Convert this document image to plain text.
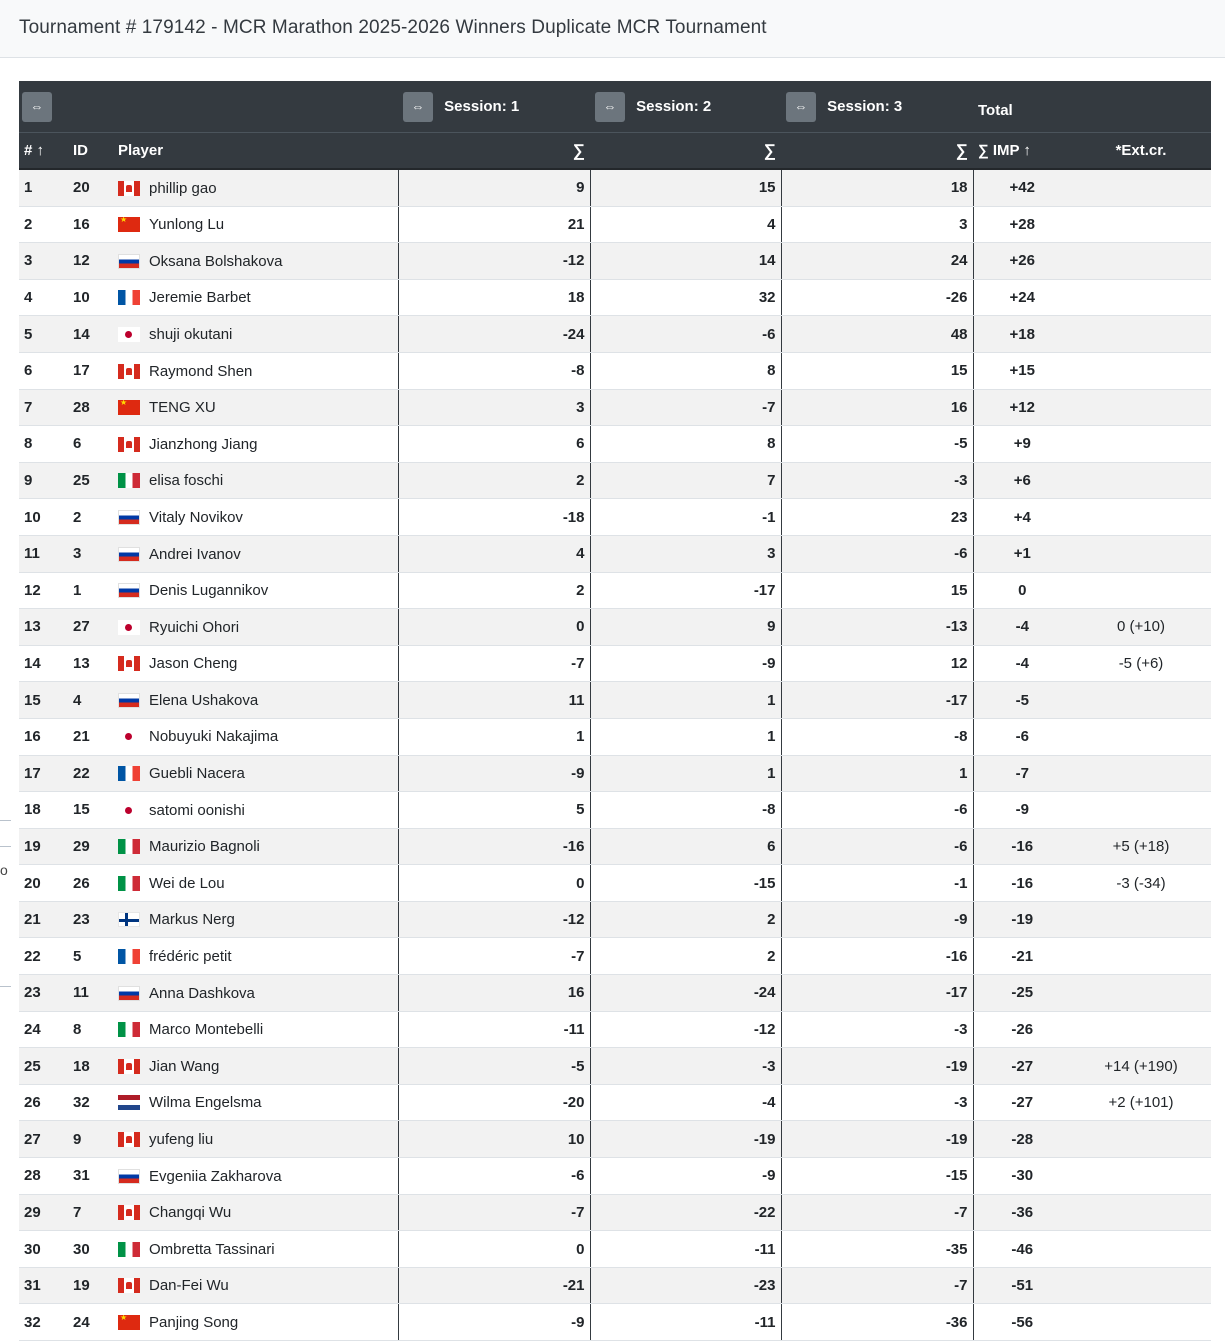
Tournament # 179142 - MCR Marathon 2025-2026 Winners Duplicate MCR Tournament
o
⇔			⇔ Session: 1	⇔ Session: 2	⇔ Session: 3	Total	
# ↑	ID	Player	∑	∑	∑	∑ IMP ↑	*Ext.cr.
1	20	phillip gao	9	15	18	+42	
2	16	★Yunlong Lu	21	4	3	+28	
3	12	Oksana Bolshakova	-12	14	24	+26	
4	10	Jeremie Barbet	18	32	-26	+24	
5	14	shuji okutani	-24	-6	48	+18	
6	17	Raymond Shen	-8	8	15	+15	
7	28	★TENG XU	3	-7	16	+12	
8	6	Jianzhong Jiang	6	8	-5	+9	
9	25	elisa foschi	2	7	-3	+6	
10	2	Vitaly Novikov	-18	-1	23	+4	
11	3	Andrei Ivanov	4	3	-6	+1	
12	1	Denis Lugannikov	2	-17	15	0	
13	27	Ryuichi Ohori	0	9	-13	-4	0 (+10)
14	13	Jason Cheng	-7	-9	12	-4	-5 (+6)
15	4	Elena Ushakova	11	1	-17	-5	
16	21	Nobuyuki Nakajima	1	1	-8	-6	
17	22	Guebli Nacera	-9	1	1	-7	
18	15	satomi oonishi	5	-8	-6	-9	
19	29	Maurizio Bagnoli	-16	6	-6	-16	+5 (+18)
20	26	Wei de Lou	0	-15	-1	-16	-3 (-34)
21	23	Markus Nerg	-12	2	-9	-19	
22	5	frédéric petit	-7	2	-16	-21	
23	11	Anna Dashkova	16	-24	-17	-25	
24	8	Marco Montebelli	-11	-12	-3	-26	
25	18	Jian Wang	-5	-3	-19	-27	+14 (+190)
26	32	Wilma Engelsma	-20	-4	-3	-27	+2 (+101)
27	9	yufeng liu	10	-19	-19	-28	
28	31	Evgeniia Zakharova	-6	-9	-15	-30	
29	7	Changqi Wu	-7	-22	-7	-36	
30	30	Ombretta Tassinari	0	-11	-35	-46	
31	19	Dan-Fei Wu	-21	-23	-7	-51	
32	24	★Panjing Song	-9	-11	-36	-56	
